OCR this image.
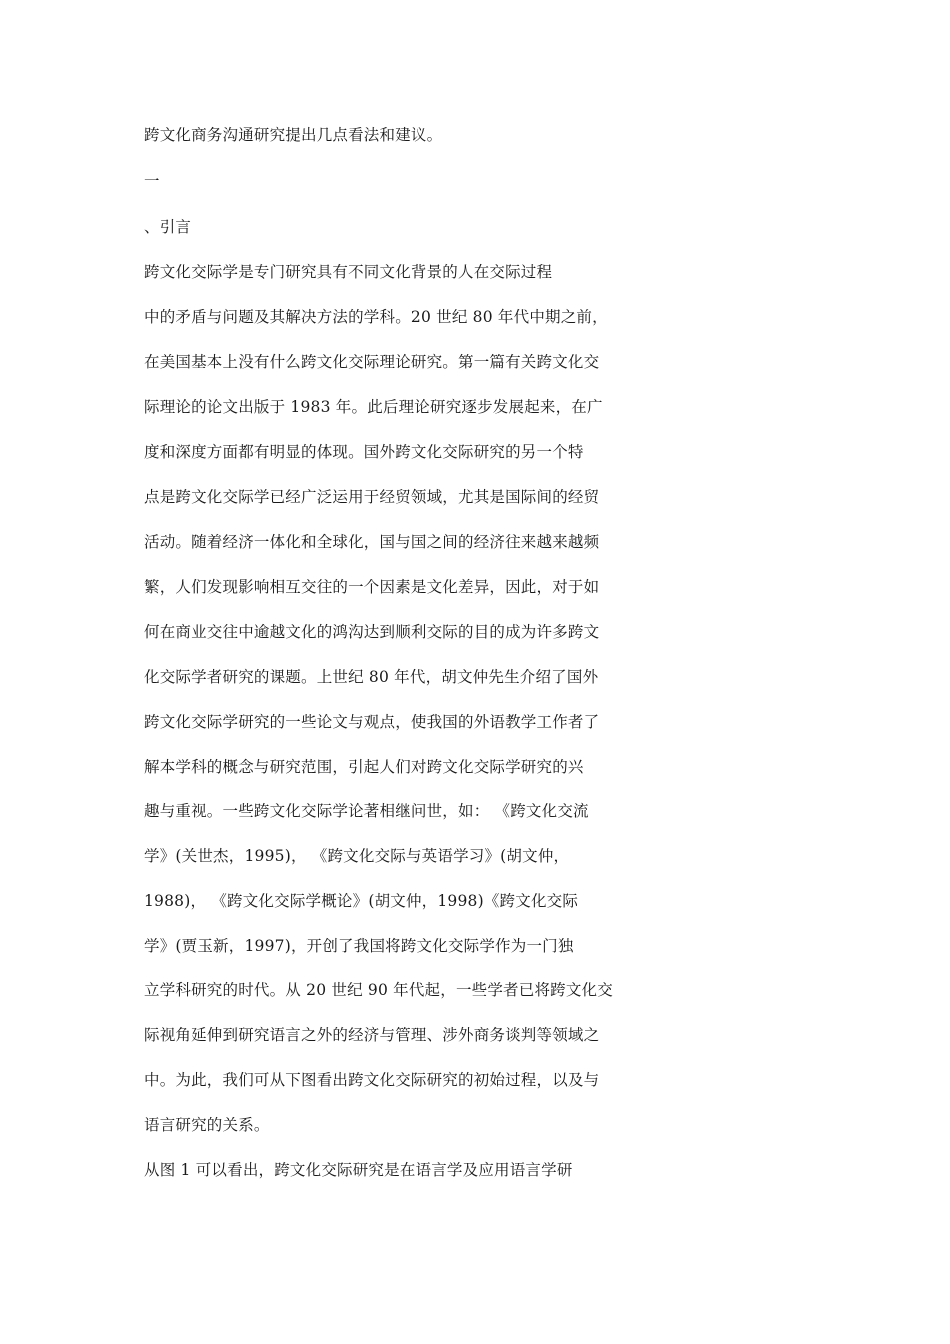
跨文化商务沟通研究提出几点看法和建议。
一
、引言
跨文化交际学是专门研究具有不同文化背景的人在交际过程
中的矛盾与问题及其解决方法的学科。20 世纪 80 年代中期之前，
在美国基本上没有什么跨文化交际理论研究。第一篇有关跨文化交
际理论的论文出版于 1983 年。此后理论研究逐步发展起来，在广
度和深度方面都有明显的体现。国外跨文化交际研究的另一个特
点是跨文化交际学已经广泛运用于经贸领域，尤其是国际间的经贸
活动。随着经济一体化和全球化，国与国之间的经济往来越来越频
繁，人们发现影响相互交往的一个因素是文化差异，因此，对于如
何在商业交往中逾越文化的鸿沟达到顺利交际的目的成为许多跨文
化交际学者研究的课题。上世纪 80 年代，胡文仲先生介绍了国外
跨文化交际学研究的一些论文与观点，使我国的外语教学工作者了
解本学科的概念与研究范围，引起人们对跨文化交际学研究的兴
趣与重视。一些跨文化交际学论著相继问世，如： 《跨文化交流
学》(关世杰，1995)， 《跨文化交际与英语学习》(胡文仲，
1988)， 《跨文化交际学概论》(胡文仲，1998)《跨文化交际
学》(贾玉新，1997)，开创了我国将跨文化交际学作为一门独
立学科研究的时代。从 20 世纪 90 年代起，一些学者已将跨文化交
际视角延伸到研究语言之外的经济与管理、涉外商务谈判等领域之
中。为此，我们可从下图看出跨文化交际研究的初始过程，以及与
语言研究的关系。
从图 1 可以看出，跨文化交际研究是在语言学及应用语言学研
